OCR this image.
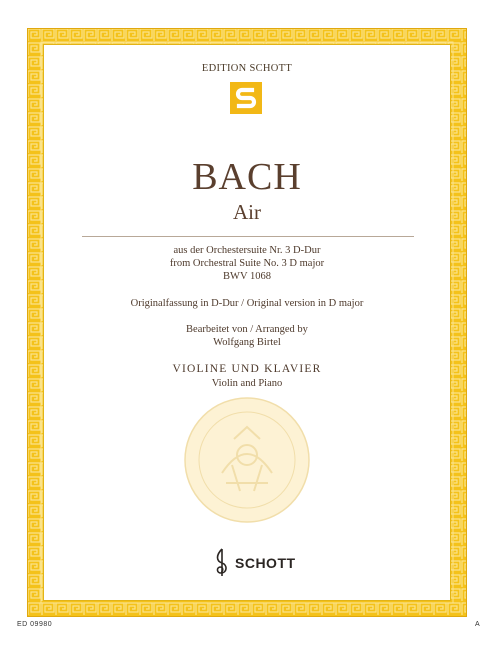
EDITION SCHOTT
BACH
Air
aus der Orchestersuite Nr. 3 D-Dur
from Orchestral Suite No. 3 D major
BWV 1068
Originalfassung in D-Dur / Original version in D major
Bearbeitet von / Arranged by
Wolfgang Birtel
VIOLINE UND KLAVIER
Violin and Piano
SCHOTT
ED 09980	A
